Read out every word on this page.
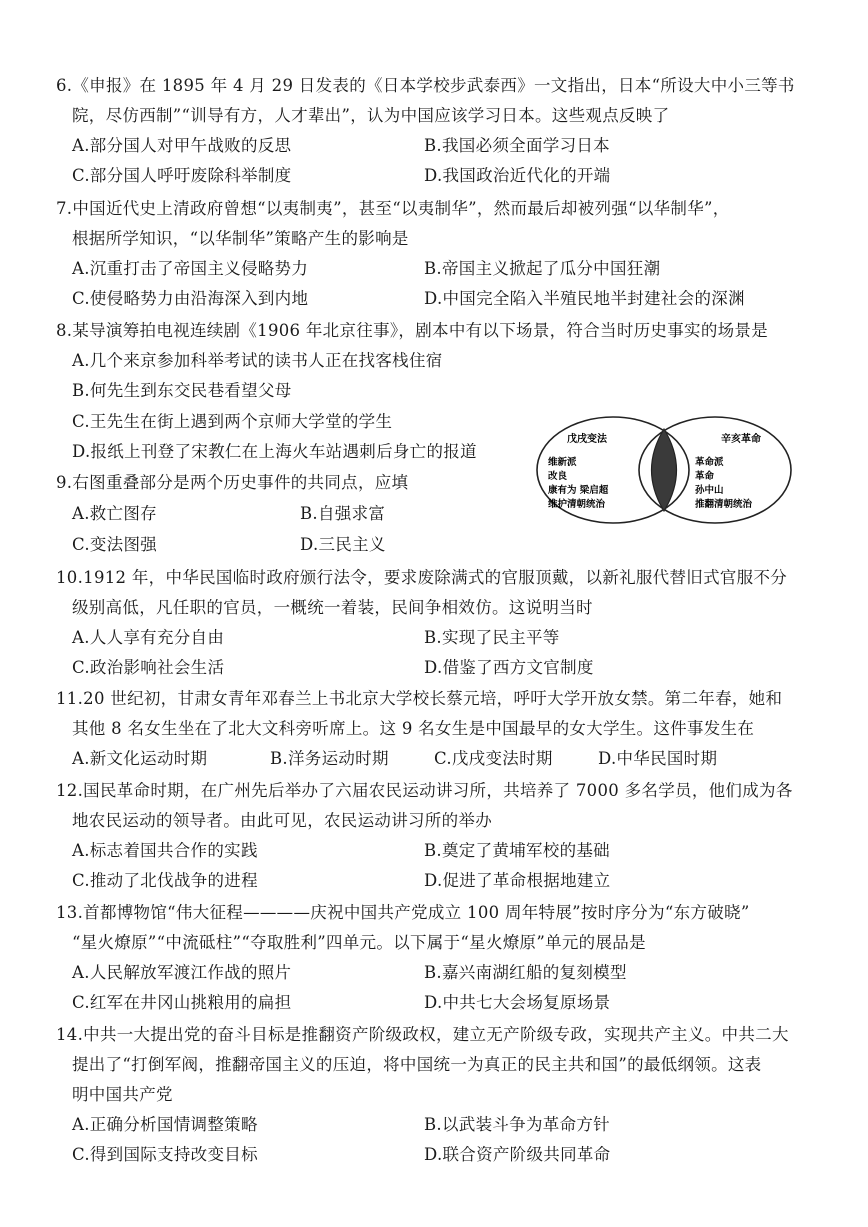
6.《申报》在 1895 年 4 月 29 日发表的《日本学校步武泰西》一文指出，日本“所设大中小三等书
院，尽仿西制”“训导有方，人才辈出”，认为中国应该学习日本。这些观点反映了
A.部分国人对甲午战败的反思	B.我国必须全面学习日本
C.部分国人呼吁废除科举制度	D.我国政治近代化的开端
7.中国近代史上清政府曾想“以夷制夷”，甚至“以夷制华”，然而最后却被列强“以华制华”，
根据所学知识，“以华制华”策略产生的影响是
A.沉重打击了帝国主义侵略势力	B.帝国主义掀起了瓜分中国狂潮
C.使侵略势力由沿海深入到内地	D.中国完全陷入半殖民地半封建社会的深渊
8.某导演筹拍电视连续剧《1906 年北京往事》，剧本中有以下场景，符合当时历史事实的场景是
A.几个来京参加科举考试的读书人正在找客栈住宿
B.何先生到东交民巷看望父母
C.王先生在街上遇到两个京师大学堂的学生
D.报纸上刊登了宋教仁在上海火车站遇刺后身亡的报道
戊戌变法	辛亥革命
维新派
改良
康有为 梁启超
维护清朝统治
革命派
革命
孙中山
推翻清朝统治
9.右图重叠部分是两个历史事件的共同点，应填
A.救亡图存	B.自强求富
C.变法图强	D.三民主义
10.1912 年，中华民国临时政府颁行法令，要求废除满式的官服顶戴，以新礼服代替旧式官服不分
级别高低，凡任职的官员，一概统一着装，民间争相效仿。这说明当时
A.人人享有充分自由	B.实现了民主平等
C.政治影响社会生活	D.借鉴了西方文官制度
11.20 世纪初，甘肃女青年邓春兰上书北京大学校长蔡元培，呼吁大学开放女禁。第二年春，她和
其他 8 名女生坐在了北大文科旁听席上。这 9 名女生是中国最早的女大学生。这件事发生在
A.新文化运动时期	B.洋务运动时期	C.戊戌变法时期	D.中华民国时期
12.国民革命时期，在广州先后举办了六届农民运动讲习所，共培养了 7000 多名学员，他们成为各
地农民运动的领导者。由此可见，农民运动讲习所的举办
A.标志着国共合作的实践	B.奠定了黄埔军校的基础
C.推动了北伐战争的进程	D.促进了革命根据地建立
13.首都博物馆“伟大征程————庆祝中国共产党成立 100 周年特展”按时序分为“东方破晓”
“星火燎原”“中流砥柱”“夺取胜利”四单元。以下属于“星火燎原”单元的展品是
A.人民解放军渡江作战的照片	B.嘉兴南湖红船的复刻模型
C.红军在井冈山挑粮用的扁担	D.中共七大会场复原场景
14.中共一大提出党的奋斗目标是推翻资产阶级政权，建立无产阶级专政，实现共产主义。中共二大
提出了“打倒军阀，推翻帝国主义的压迫，将中国统一为真正的民主共和国”的最低纲领。这表
明中国共产党
A.正确分析国情调整策略	B.以武装斗争为革命方针
C.得到国际支持改变目标	D.联合资产阶级共同革命
